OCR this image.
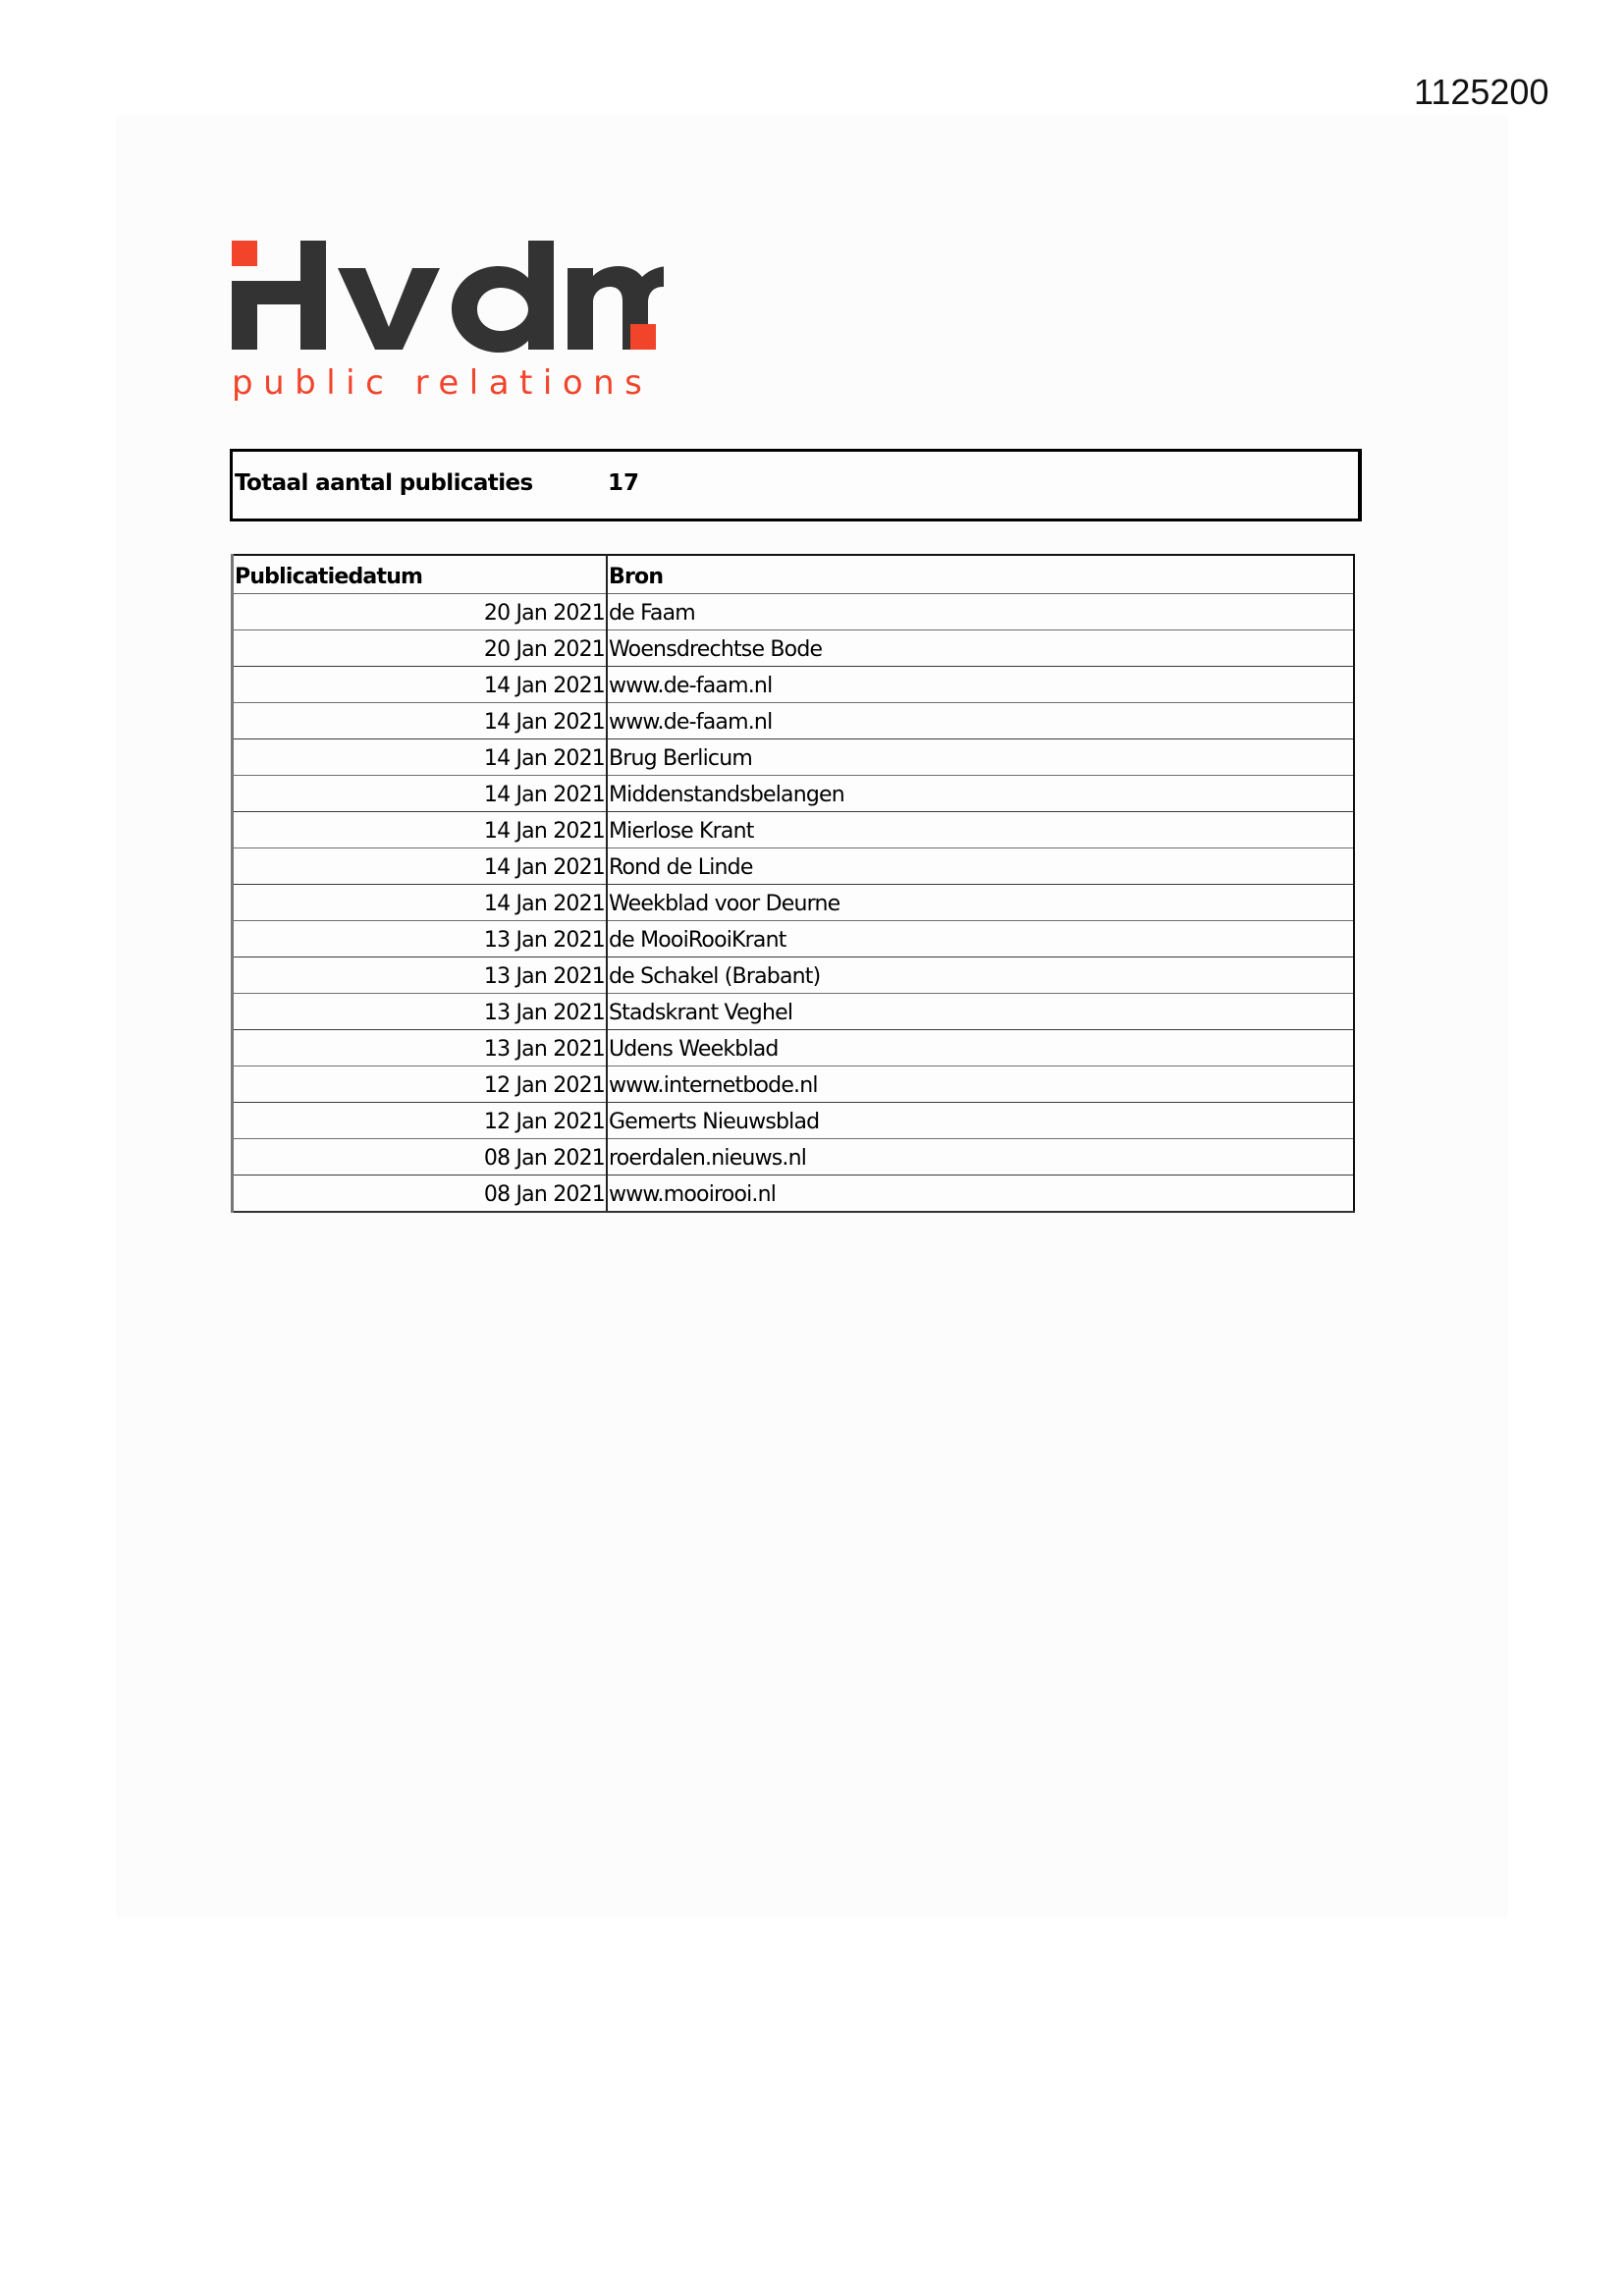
1125200
public relations
Totaal aantal publicaties	17
Publicatiedatum	Bron
20 Jan 2021	de Faam
20 Jan 2021	Woensdrechtse Bode
14 Jan 2021	www.de-faam.nl
14 Jan 2021	www.de-faam.nl
14 Jan 2021	Brug Berlicum
14 Jan 2021	Middenstandsbelangen
14 Jan 2021	Mierlose Krant
14 Jan 2021	Rond de Linde
14 Jan 2021	Weekblad voor Deurne
13 Jan 2021	de MooiRooiKrant
13 Jan 2021	de Schakel (Brabant)
13 Jan 2021	Stadskrant Veghel
13 Jan 2021	Udens Weekblad
12 Jan 2021	www.internetbode.nl
12 Jan 2021	Gemerts Nieuwsblad
08 Jan 2021	roerdalen.nieuws.nl
08 Jan 2021	www.mooirooi.nl
